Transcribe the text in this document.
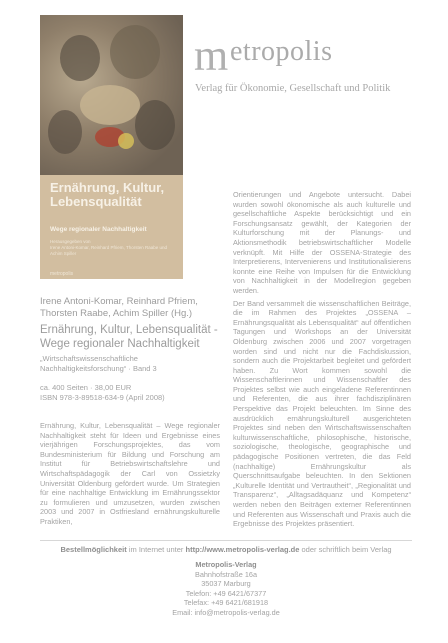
Ernährung, Kultur, Lebensqualität
Wege regionaler Nachhaltigkeit
Herausgegeben von
Irene Antoni-Komar, Reinhard Pfriem, Thorsten Raabe und Achim Spiller
metropolis
m etropolis
Verlag für Ökonomie, Gesellschaft und Politik
Irene Antoni-Komar, Reinhard Pfriem, Thorsten Raabe, Achim Spiller (Hg.)
Ernährung, Kultur, Lebensqualität - Wege regionaler Nachhaltigkeit
„Wirtschaftswissenschaftliche Nachhaltigkeitsforschung“ · Band 3
ca. 400 Seiten · 38,00 EUR
ISBN 978-3-89518-634-9 (April 2008)
Ernährung, Kultur, Lebensqualität – Wege regionaler Nachhaltigkeit steht für Ideen und Ergebnisse eines vierjährigen Forschungsprojektes, das vom Bundesministerium für Bildung und Forschung am Institut für Betriebswirtschaftslehre und Wirtschaftspädagogik der Carl von Ossietzky Universität Oldenburg gefördert wurde. Um Strategien für eine nachhaltige Entwicklung im Ernährungssektor zu formulieren und umzusetzen, wurden zwischen 2003 und 2007 in Ostfriesland ernährungskulturelle Praktiken,

Orientierungen und Angebote untersucht. Dabei wurden sowohl ökonomische als auch kulturelle und gesellschaftliche Aspekte berücksichtigt und ein Forschungsansatz gewählt, der Kategorien der Kulturforschung mit der Planungs- und Aktionsmethodik betriebswirtschaftlicher Modelle verknüpft. Mit Hilfe der OSSENA-Strategie des Interpretierens, Intervenierens und Institutionalisierens konnte eine Reihe von Impulsen für die Entwicklung von Nachhaltigkeit in der Modellregion gegeben werden.

Der Band versammelt die wissenschaftlichen Beiträge, die im Rahmen des Projektes „OSSENA – Ernährungsqualität als Lebensqualität“ auf öffentlichen Tagungen und Workshops an der Universität Oldenburg zwischen 2006 und 2007 vorgetragen worden sind und nicht nur die Fachdiskussion, sondern auch die Projektarbeit begleitet und gefördert haben. Zu Wort kommen sowohl die Wissenschaftlerinnen und Wissenschaftler des Projektes selbst wie auch eingeladene Referentinnen und Referenten, die aus ihrer fachdisziplinären Perspektive das Projekt beleuchten. Im Sinne des ausdrücklich ernährungskulturell ausgerichteten Projektes sind neben den Wirtschaftswissenschaften kulturwissenschaftliche, philosophische, historische, soziologische, theologische, geographische und pädagogische Positionen vertreten, die das Feld (nachhaltige) Ernährungskultur als Querschnittsaufgabe beleuchten. In den Sektionen „Kulturelle Identität und Vertrautheit“, „Regionalität und Transparenz“, „Alltagsadäquanz und Kompetenz“ werden neben den Beiträgen externer Referentinnen und Referenten aus Wissenschaft und Praxis auch die Ergebnisse des Projektes präsentiert.

Bestellmöglichkeit im Internet unter http://www.metropolis-verlag.de oder schriftlich beim Verlag
Metropolis-Verlag
Bahnhofstraße 16a
35037 Marburg
Telefon: +49 6421/67377
Telefax: +49 6421/681918
Email: info@metropolis-verlag.de
